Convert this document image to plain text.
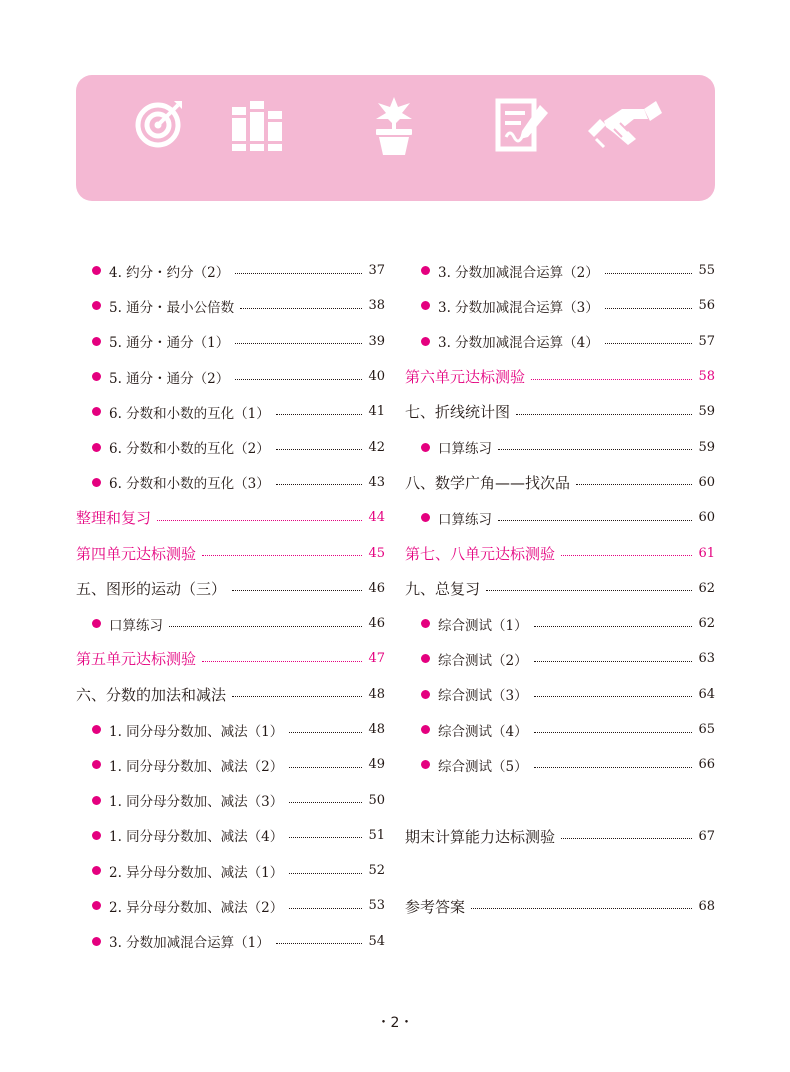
4. 约分・约分（2）	37
5. 通分・最小公倍数	38
5. 通分・通分（1）	39
5. 通分・通分（2）	40
6. 分数和小数的互化（1）	41
6. 分数和小数的互化（2）	42
6. 分数和小数的互化（3）	43
整理和复习	44
第四单元达标测验	45
五、图形的运动（三）	46
口算练习	46
第五单元达标测验	47
六、分数的加法和减法	48
1. 同分母分数加、减法（1）	48
1. 同分母分数加、减法（2）	49
1. 同分母分数加、减法（3）	50
1. 同分母分数加、减法（4）	51
2. 异分母分数加、减法（1）	52
2. 异分母分数加、减法（2）	53
3. 分数加减混合运算（1）	54
3. 分数加减混合运算（2）	55
3. 分数加减混合运算（3）	56
3. 分数加减混合运算（4）	57
第六单元达标测验	58
七、折线统计图	59
口算练习	59
八、数学广角——找次品	60
口算练习	60
第七、八单元达标测验	61
九、总复习	62
综合测试（1）	62
综合测试（2）	63
综合测试（3）	64
综合测试（4）	65
综合测试（5）	66
期末计算能力达标测验	67
参考答案	68
・2・
